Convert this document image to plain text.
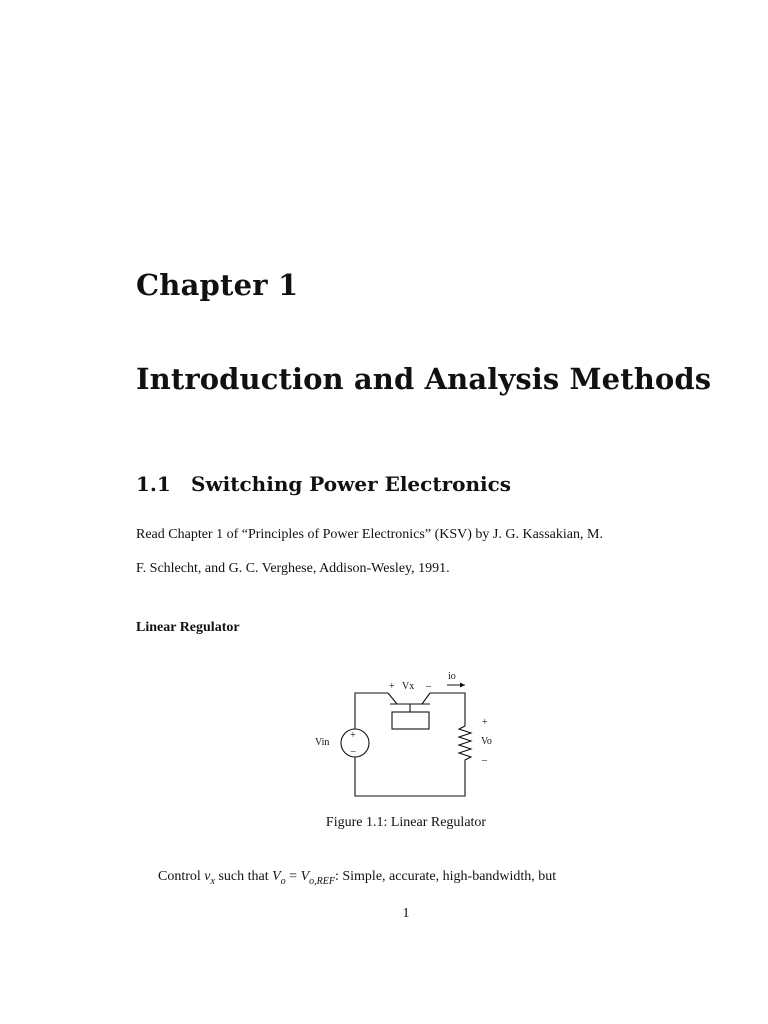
Chapter 1
Introduction and Analysis Methods
1.1 Switching Power Electronics
Read Chapter 1 of “Principles of Power Electronics” (KSV) by J. G. Kassakian, M.
F. Schlecht, and G. C. Verghese, Addison-Wesley, 1991.
Linear Regulator
+
–
Vin
+ Vx –
io
+
Vo
–
Figure 1.1: Linear Regulator
Control $v_x$ such that $V_o = V_{o,REF}$: Simple, accurate, high-bandwidth, but
1
